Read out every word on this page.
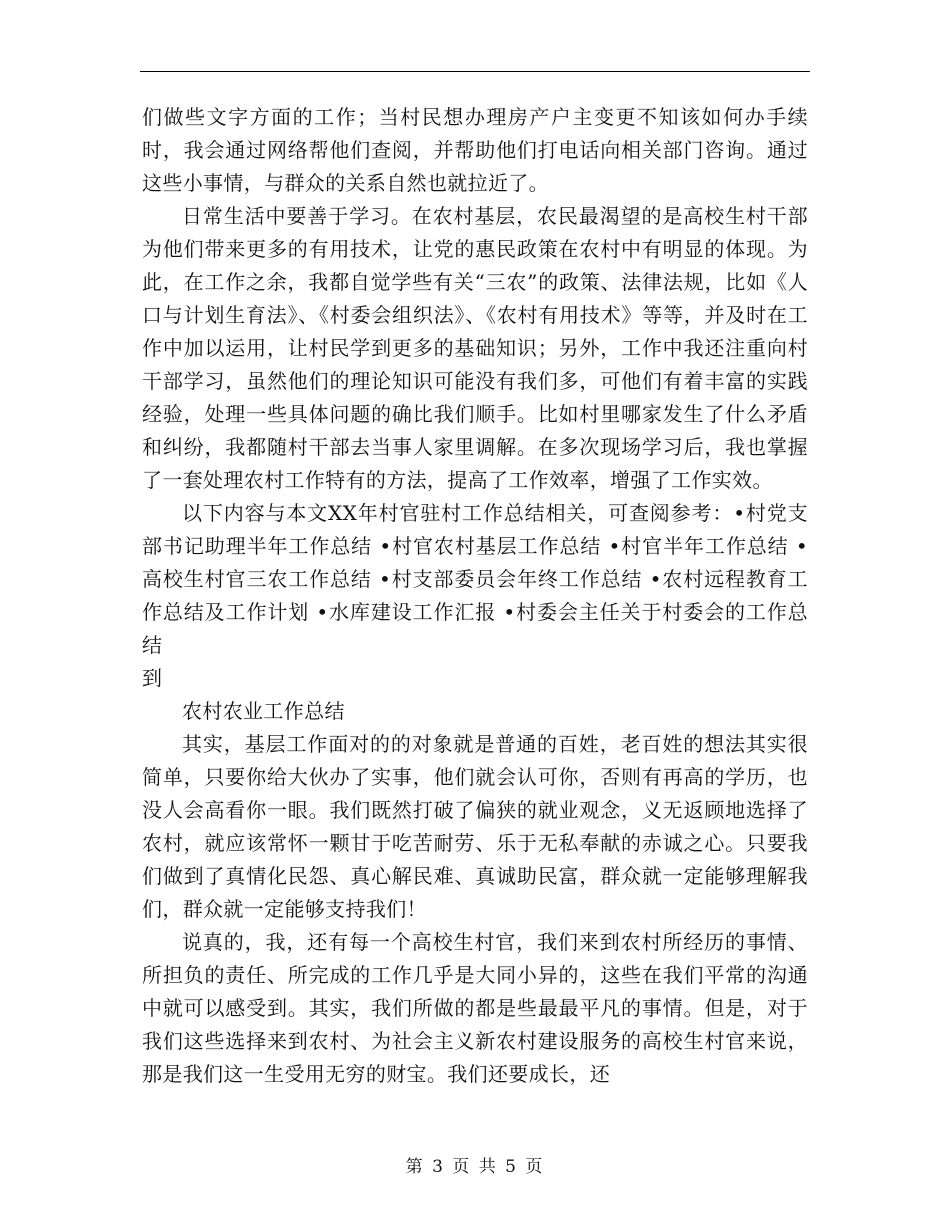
们做些文字方面的工作；当村民想办理房产户主变更不知该如何办手续时，我会通过网络帮他们查阅，并帮助他们打电话向相关部门咨询。通过这些小事情，与群众的关系自然也就拉近了。

日常生活中要善于学习。在农村基层，农民最渴望的是高校生村干部为他们带来更多的有用技术，让党的惠民政策在农村中有明显的体现。为此，在工作之余，我都自觉学些有关“三农”的政策、法律法规，比如《人口与计划生育法》、《村委会组织法》、《农村有用技术》等等，并及时在工作中加以运用，让村民学到更多的基础知识；另外，工作中我还注重向村干部学习，虽然他们的理论知识可能没有我们多，可他们有着丰富的实践经验，处理一些具体问题的确比我们顺手。比如村里哪家发生了什么矛盾和纠纷，我都随村干部去当事人家里调解。在多次现场学习后，我也掌握了一套处理农村工作特有的方法，提高了工作效率，增强了工作实效。

以下内容与本文XX年村官驻村工作总结相关，可查阅参考：•村党支部书记助理半年工作总结 •村官农村基层工作总结 •村官半年工作总结 •高校生村官三农工作总结 •村支部委员会年终工作总结 •农村远程教育工作总结及工作计划 •水库建设工作汇报 •村委会主任关于村委会的工作总结

到

农村农业工作总结

其实，基层工作面对的的对象就是普通的百姓，老百姓的想法其实很简单，只要你给大伙办了实事，他们就会认可你，否则有再高的学历，也没人会高看你一眼。我们既然打破了偏狭的就业观念，义无返顾地选择了农村，就应该常怀一颗甘于吃苦耐劳、乐于无私奉献的赤诚之心。只要我们做到了真情化民怨、真心解民难、真诚助民富，群众就一定能够理解我们，群众就一定能够支持我们！

说真的，我，还有每一个高校生村官，我们来到农村所经历的事情、所担负的责任、所完成的工作几乎是大同小异的，这些在我们平常的沟通中就可以感受到。其实，我们所做的都是些最最平凡的事情。但是，对于我们这些选择来到农村、为社会主义新农村建设服务的高校生村官来说，那是我们这一生受用无穷的财宝。我们还要成长，还

第 3 页 共 5 页
